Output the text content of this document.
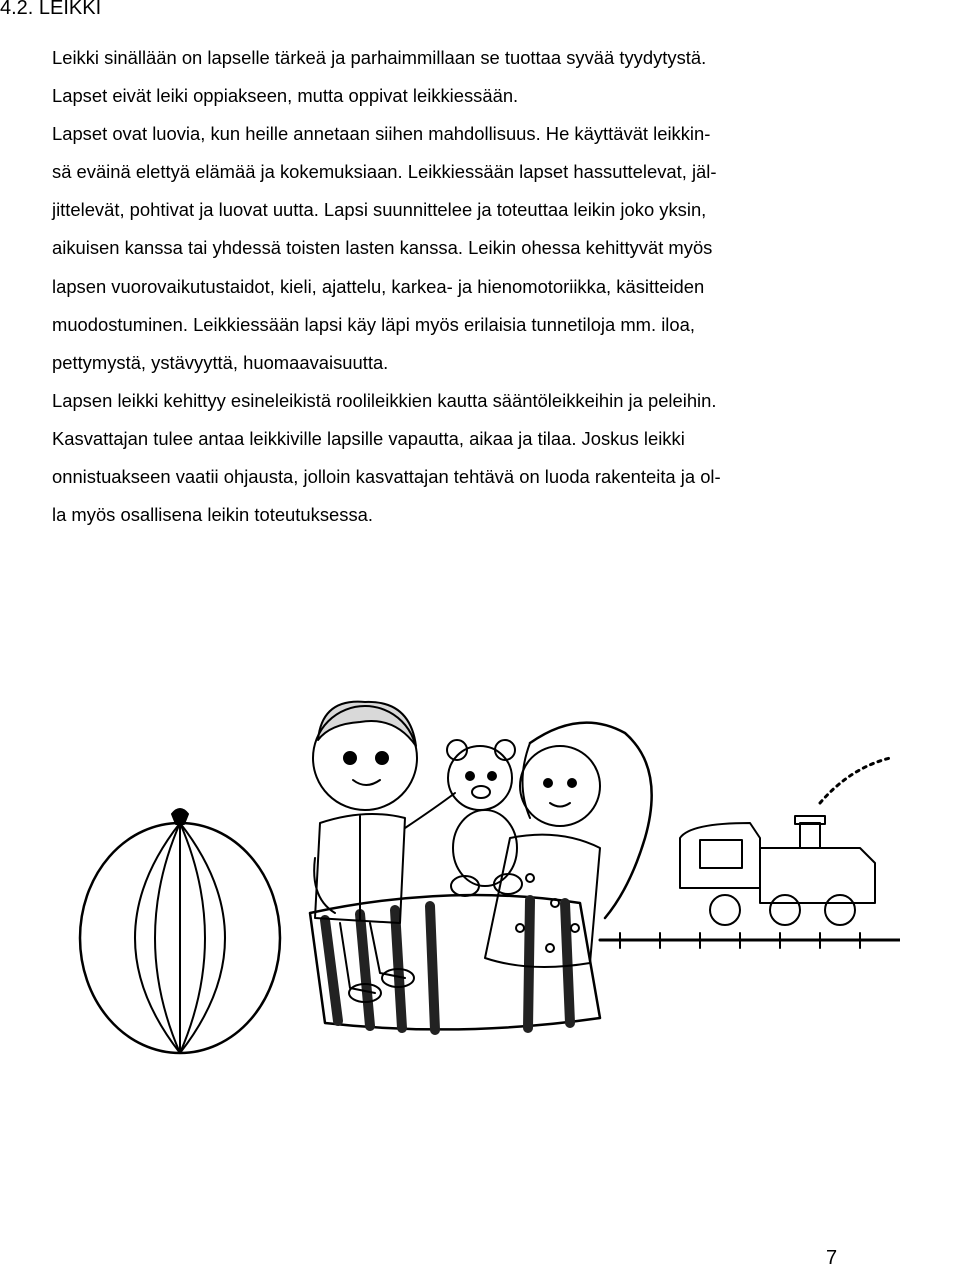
4.2. LEIKKI
Leikki sinällään on lapselle tärkeä ja parhaimmillaan se tuottaa syvää tyydytystä.
Lapset eivät leiki oppiakseen, mutta oppivat leikkiessään.
Lapset ovat luovia, kun heille annetaan siihen mahdollisuus. He käyttävät leikkin-
sä eväinä elettyä elämää ja kokemuksiaan. Leikkiessään lapset hassuttelevat, jäl-
jittelevät, pohtivat ja luovat uutta. Lapsi suunnittelee ja toteuttaa leikin joko yksin,
aikuisen kanssa tai yhdessä toisten lasten kanssa. Leikin ohessa kehittyvät myös
lapsen vuorovaikutustaidot, kieli, ajattelu, karkea- ja hienomotoriikka, käsitteiden
muodostuminen. Leikkiessään lapsi käy läpi myös erilaisia tunnetiloja mm. iloa,
pettymystä, ystävyyttä, huomaavaisuutta.
Lapsen leikki kehittyy esineleikistä roolileikkien kautta sääntöleikkeihin ja peleihin.
Kasvattajan tulee antaa leikkiville lapsille vapautta, aikaa ja tilaa. Joskus leikki
onnistuakseen vaatii ohjausta, jolloin kasvattajan tehtävä on luoda rakenteita ja ol-
la myös osallisena leikin toteutuksessa.
7
